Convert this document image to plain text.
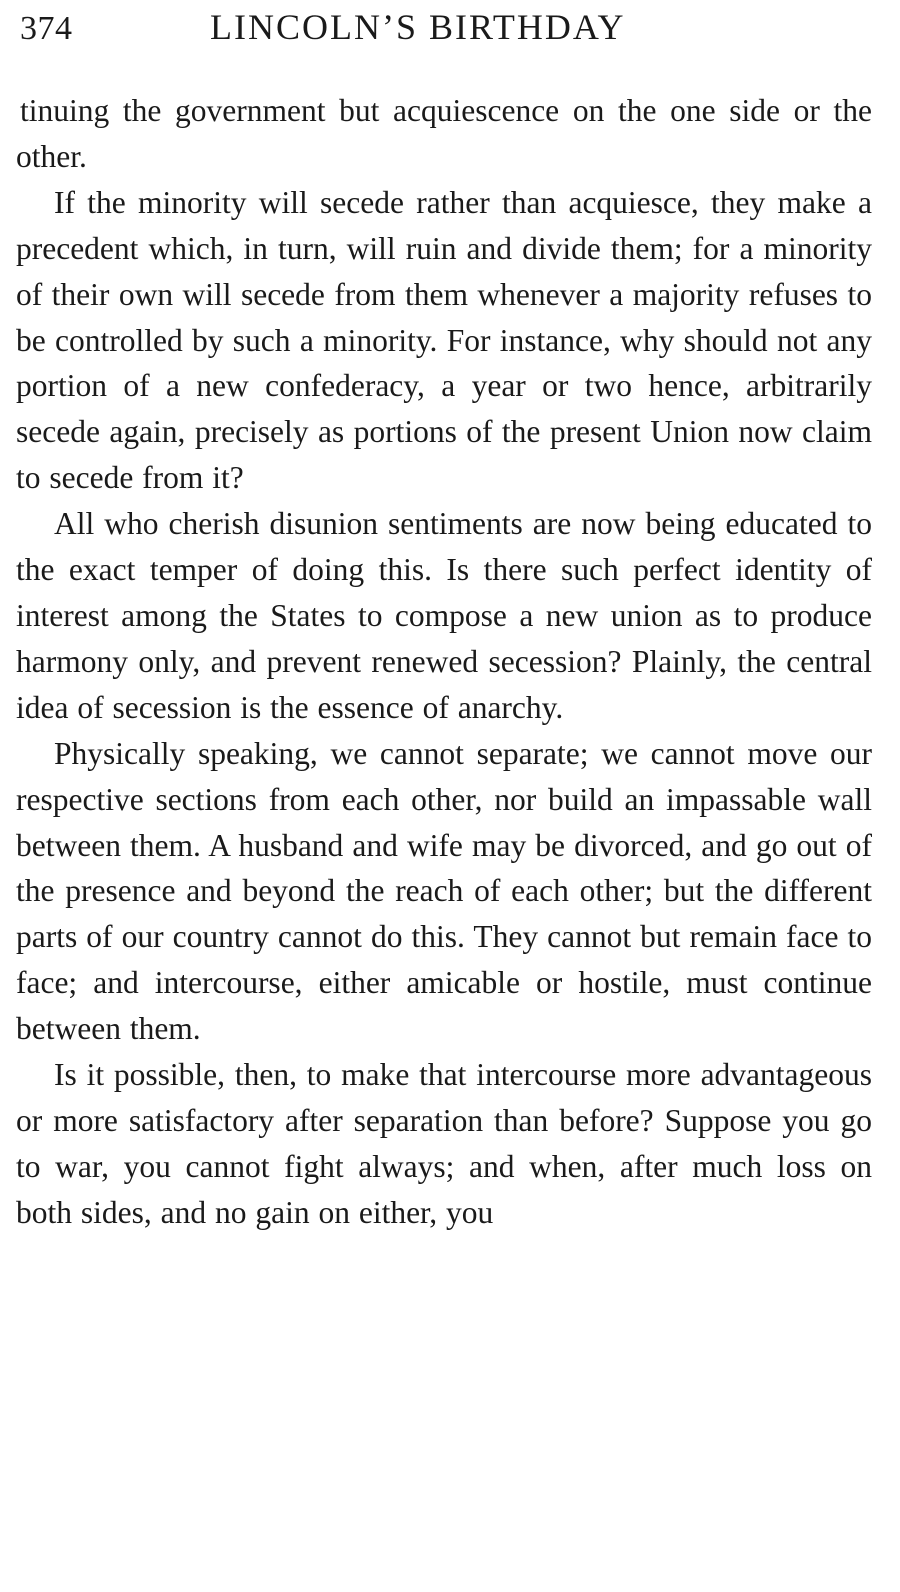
374	LINCOLN’S BIRTHDAY

tinuing the government but acquiescence on the one side or the other.

If the minority will secede rather than acquiesce, they make a precedent which, in turn, will ruin and divide them; for a minority of their own will secede from them whenever a majority refuses to be controlled by such a minority. For instance, why should not any portion of a new confederacy, a year or two hence, arbitrarily secede again, precisely as portions of the present Union now claim to secede from it?

All who cherish disunion sentiments are now being educated to the exact temper of doing this. Is there such perfect identity of interest among the States to compose a new union as to produce harmony only, and prevent renewed secession? Plainly, the central idea of secession is the essence of anarchy.

Physically speaking, we cannot separate; we cannot move our respective sections from each other, nor build an impassable wall between them. A husband and wife may be divorced, and go out of the presence and beyond the reach of each other; but the different parts of our country cannot do this. They cannot but remain face to face; and intercourse, either amicable or hostile, must continue between them.

Is it possible, then, to make that intercourse more advantageous or more satisfactory after separation than before? Suppose you go to war, you cannot fight always; and when, after much loss on both sides, and no gain on either, you
